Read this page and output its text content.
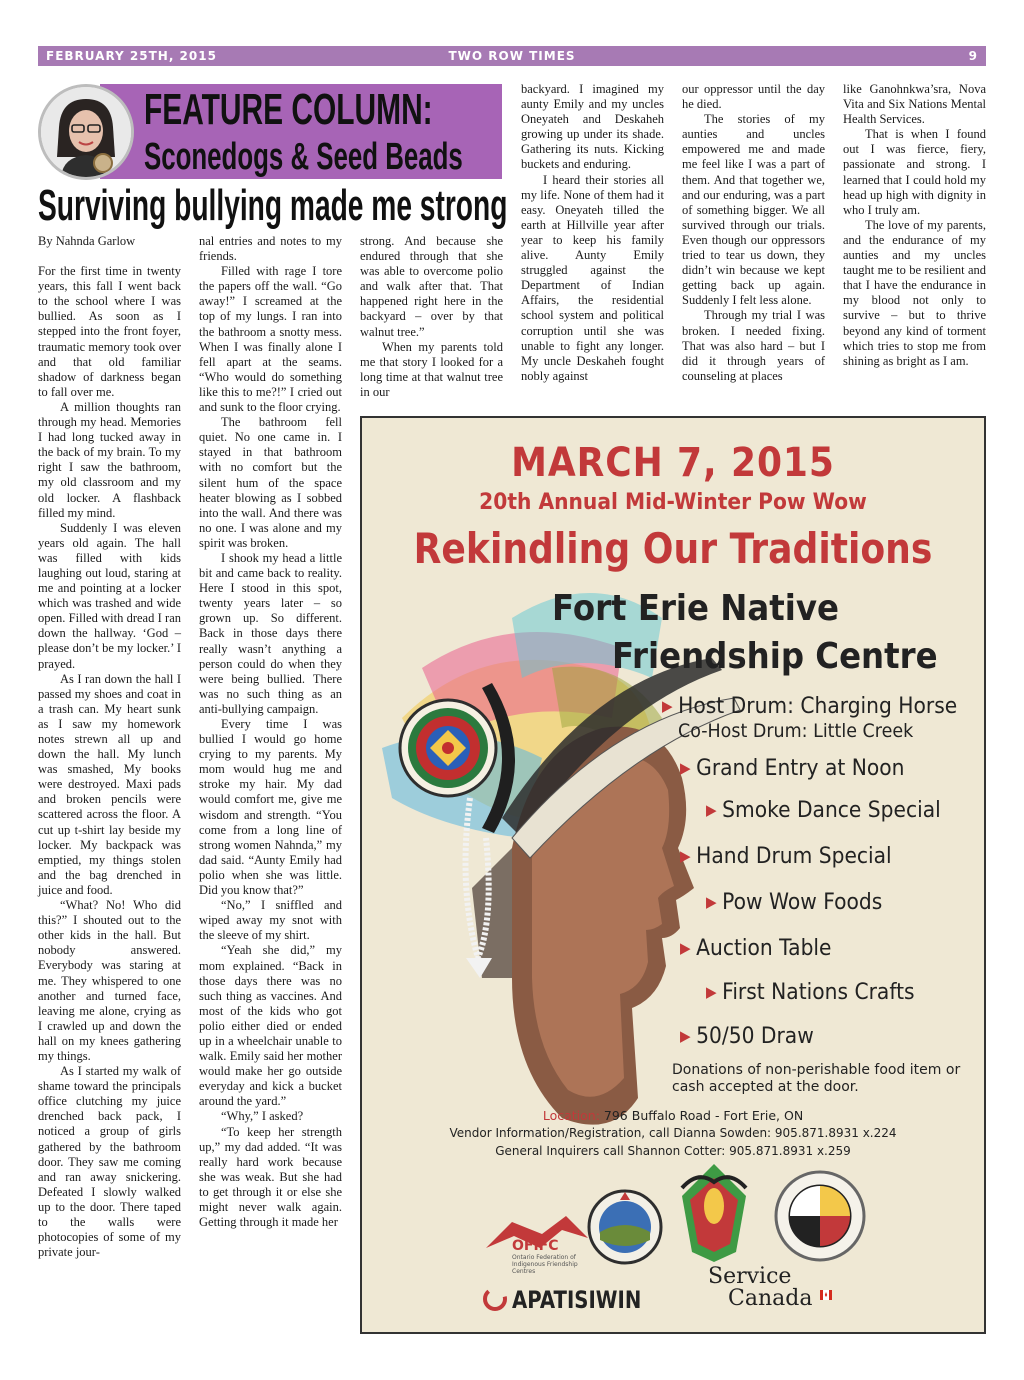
FEBRUARY 25TH, 2015	TWO ROW TIMES	9
FEATURE COLUMN:
Sconedogs & Seed Beads
Surviving bullying made me strong

By Nahnda Garlow

For the first time in twenty years, this fall I went back to the school where I was bullied. As soon as I stepped into the front foyer, traumatic memory took over and that old familiar shadow of darkness began to fall over me.

A million thoughts ran through my head. Memories I had long tucked away in the back of my brain. To my right I saw the bathroom, my old classroom and my old locker. A flashback filled my mind.

Suddenly I was eleven years old again. The hall was filled with kids laughing out loud, staring at me and pointing at a locker which was trashed and wide open. Filled with dread I ran down the hallway. ‘God – please don’t be my locker.’ I prayed.

As I ran down the hall I passed my shoes and coat in a trash can. My heart sunk as I saw my homework notes strewn all up and down the hall. My lunch was smashed, My books were destroyed. Maxi pads and broken pencils were scattered across the floor. A cut up t-shirt lay beside my locker. My backpack was emptied, my things stolen and the bag drenched in juice and food.

“What? No! Who did this?” I shouted out to the other kids in the hall. But nobody answered. Everybody was staring at me. They whispered to one another and turned face, leaving me alone, crying as I crawled up and down the hall on my knees gathering my things.

As I started my walk of shame toward the principals office clutching my juice drenched back pack, I noticed a group of girls gathered by the bathroom door. They saw me coming and ran away snickering. Defeated I slowly walked up to the door. There taped to the walls were photocopies of some of my private jour-

nal entries and notes to my friends.

Filled with rage I tore the papers off the wall. “Go away!” I screamed at the top of my lungs. I ran into the bathroom a snotty mess. When I was finally alone I fell apart at the seams. “Who would do something like this to me?!” I cried out and sunk to the floor crying.

The bathroom fell quiet. No one came in. I stayed in that bathroom with no comfort but the silent hum of the space heater blowing as I sobbed into the wall. And there was no one. I was alone and my spirit was broken.

I shook my head a little bit and came back to reality. Here I stood in this spot, twenty years later – so grown up. So different. Back in those days there really wasn’t anything a person could do when they were being bullied. There was no such thing as an anti-bullying campaign.

Every time I was bullied I would go home crying to my parents. My mom would hug me and stroke my hair. My dad would comfort me, give me wisdom and strength. “You come from a long line of strong women Nahnda,” my dad said. “Aunty Emily had polio when she was little. Did you know that?”

“No,” I sniffled and wiped away my snot with the sleeve of my shirt.

“Yeah she did,” my mom explained. “Back in those days there was no such thing as vaccines. And most of the kids who got polio either died or ended up in a wheelchair unable to walk. Emily said her mother would make her go outside everyday and kick a bucket around the yard.”

“Why,” I asked?

“To keep her strength up,” my dad added. “It was really hard work because she was weak. But she had to get through it or else she might never walk again. Getting through it made her

strong. And because she endured through that she was able to overcome polio and walk after that. That happened right here in the backyard – over by that walnut tree.”

When my parents told me that story I looked for a long time at that walnut tree in our

backyard. I imagined my aunty Emily and my uncles Oneyateh and Deskaheh growing up under its shade. Gathering its nuts. Kicking buckets and enduring.

I heard their stories all my life. None of them had it easy. Oneyateh tilled the earth at Hillville year after year to keep his family alive. Aunty Emily struggled against the Department of Indian Affairs, the residential school system and political corruption until she was unable to fight any longer. My uncle Deskaheh fought nobly against

our oppressor until the day he died.

The stories of my aunties and uncles empowered me and made me feel like I was a part of them. And that together we, and our enduring, was a part of something bigger. We all survived through our trials. Even though our oppressors tried to tear us down, they didn’t win because we kept getting back up again. Suddenly I felt less alone.

Through my trial I was broken. I needed fixing. That was also hard – but I did it through years of counseling at places

like Ganohnkwa’sra, Nova Vita and Six Nations Mental Health Services.

That is when I found out I was fierce, fiery, passionate and strong. I learned that I could hold my head up high with dignity in who I truly am.

The love of my parents, and the endurance of my aunties and my uncles taught me to be resilient and that I have the endurance in my blood not only to survive – but to thrive beyond any kind of torment which tries to stop me from shining as bright as I am.

MARCH 7, 2015
20th Annual Mid-Winter Pow Wow
Rekindling Our Traditions
Fort Erie Native
Friendship Centre
▶ Host Drum: Charging Horse
Co-Host Drum: Little Creek
▶ Grand Entry at Noon
▶ Smoke Dance Special
▶ Hand Drum Special
▶ Pow Wow Foods
▶ Auction Table
▶ First Nations Crafts
▶ 50/50 Draw
Donations of non-perishable food item or cash accepted at the door.
Location: 796 Buffalo Road - Fort Erie, ON
Vendor Information/Registration, call Dianna Sowden: 905.871.8931 x.224
General Inquirers call Shannon Cotter: 905.871.8931 x.259
OFIFC
Ontario Federation of Indigenous Friendship Centres
APATISIWIN
Service
Canada
